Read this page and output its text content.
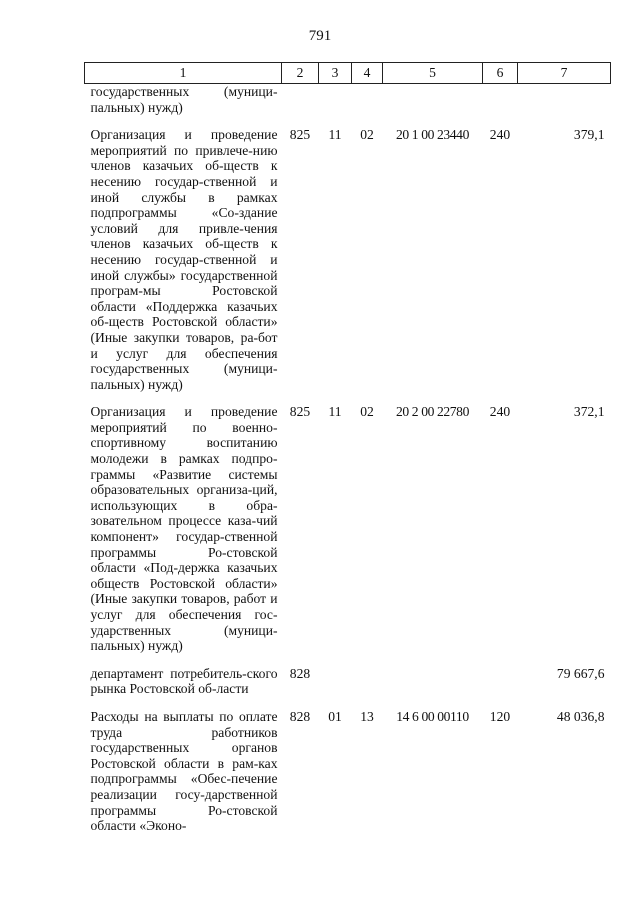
791
1	2	3	4	5	6	7
государственных (муници- пальных) нужд)						

Организация и проведение мероприятий по привлече-нию членов казачьих об-ществ к несению государ-ственной и иной службы в рамках подпрограммы «Со-здание условий для привле-чения членов казачьих об-ществ к несению государ-ственной и иной службы» государственной програм-мы Ростовской области «Поддержка казачьих об-ществ Ростовской области» (Иные закупки товаров, ра-бот и услуг для обеспечения государственных (муници-пальных) нужд)	825	11	02	20 1 00 23440	240	379,1

Организация и проведение мероприятий по военно-спортивному воспитанию молодежи в рамках подпро-граммы «Развитие системы образовательных организа-ций, использующих в обра-зовательном процессе каза-чий компонент» государ-ственной программы Ро-стовской области «Под-держка казачьих обществ Ростовской области» (Иные закупки товаров, работ и услуг для обеспечения гос-ударственных (муници-пальных) нужд)	825	11	02	20 2 00 22780	240	372,1

департамент потребитель-ского рынка Ростовской об-ласти	828					79 667,6

Расходы на выплаты по оплате труда работников государственных органов Ростовской области в рам-ках подпрограммы «Обес-печение реализации госу-дарственной программы Ро-стовской области «Эконо-	828	01	13	14 6 00 00110	120	48 036,8
